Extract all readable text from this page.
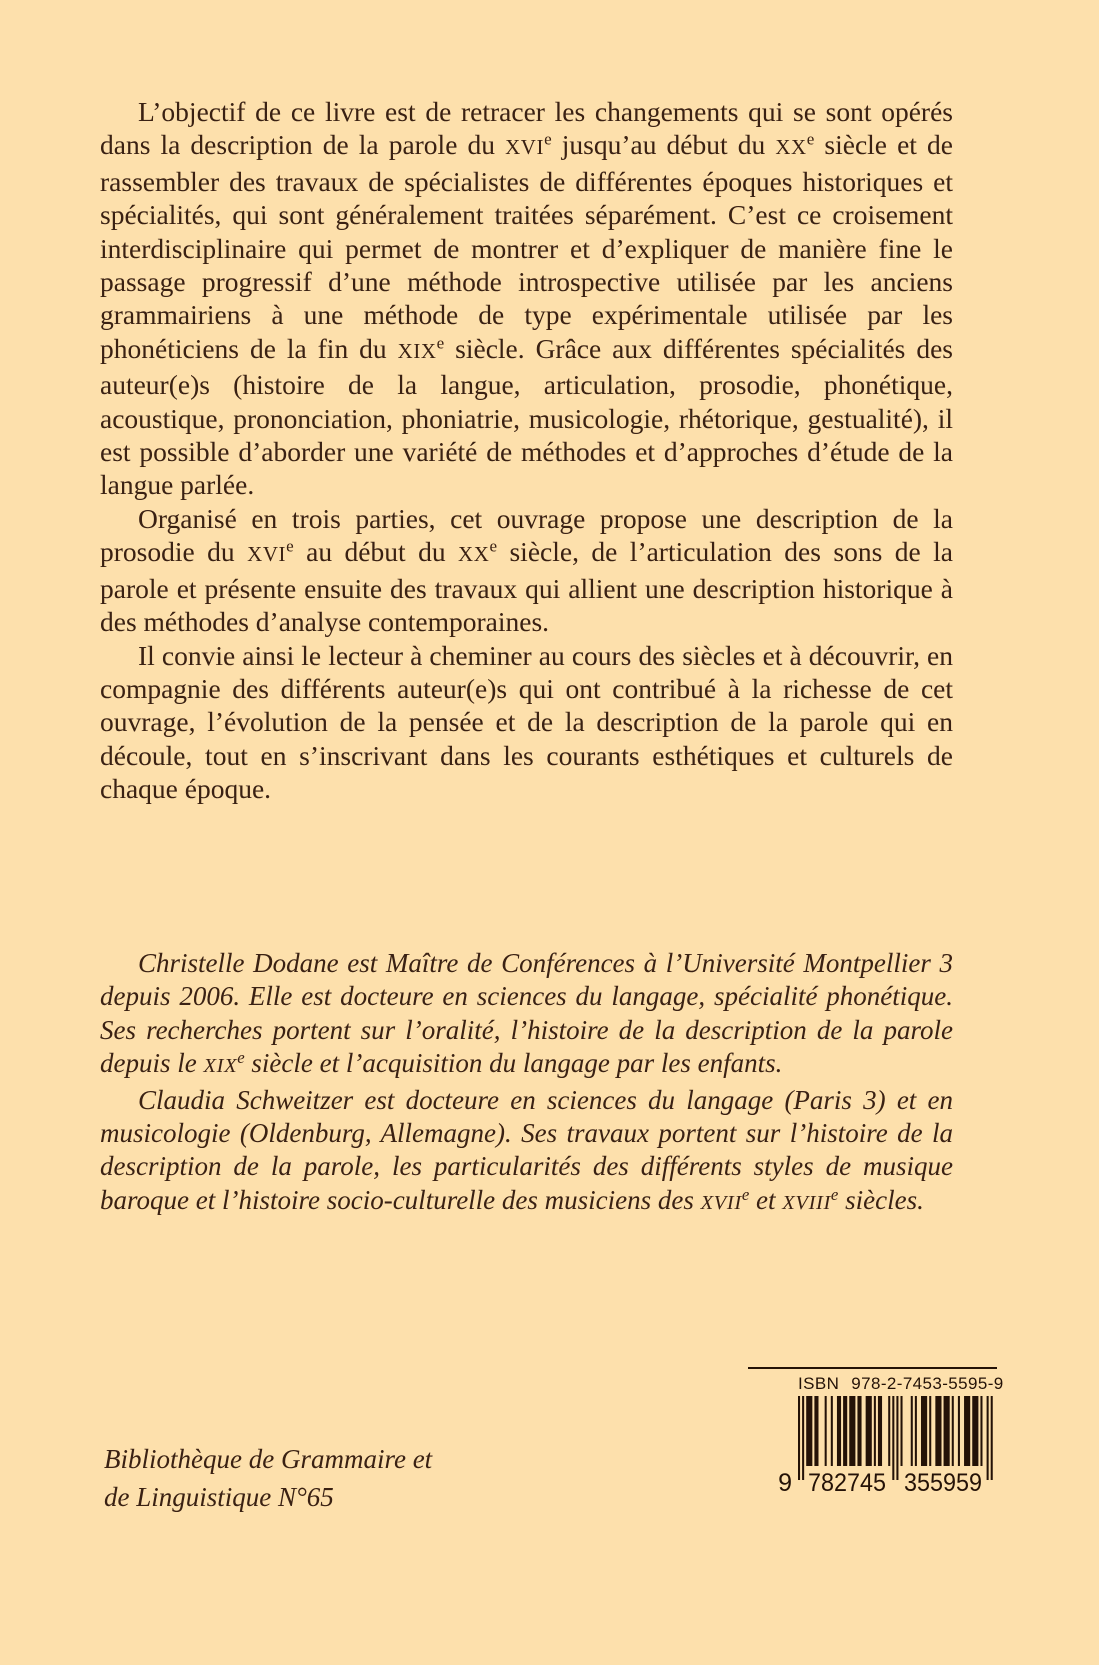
L’objectif de ce livre est de retracer les changements qui se sont opérés dans la description de la parole du XVIe jusqu’au début du XXe siècle et de rassembler des travaux de spécialistes de différentes époques historiques et spécialités, qui sont généralement traitées séparément. C’est ce croisement interdisciplinaire qui permet de montrer et d’expliquer de manière fine le passage progressif d’une méthode introspective utilisée par les anciens grammairiens à une méthode de type expérimentale utilisée par les phonéticiens de la fin du XIXe siècle. Grâce aux différentes spécialités des auteur(e)s (histoire de la langue, articulation, prosodie, phonétique, acoustique, prononciation, phoniatrie, musicologie, rhétorique, gestualité), il est possible d’aborder une variété de méthodes et d’approches d’étude de la langue parlée.

Organisé en trois parties, cet ouvrage propose une description de la prosodie du XVIe au début du XXe siècle, de l’articulation des sons de la parole et présente ensuite des travaux qui allient une description historique à des méthodes d’analyse contemporaines.

Il convie ainsi le lecteur à cheminer au cours des siècles et à découvrir, en compagnie des différents auteur(e)s qui ont contribué à la richesse de cet ouvrage, l’évolution de la pensée et de la description de la parole qui en découle, tout en s’inscrivant dans les courants esthétiques et culturels de chaque époque.

Christelle Dodane est Maître de Conférences à l’Université Montpellier 3 depuis 2006. Elle est docteure en sciences du langage, spécialité phonétique. Ses recherches portent sur l’oralité, l’histoire de la description de la parole depuis le XIXe siècle et l’acquisition du langage par les enfants.

Claudia Schweitzer est docteure en sciences du langage (Paris 3) et en musicologie (Oldenburg, Allemagne). Ses travaux portent sur l’histoire de la description de la parole, les particularités des différents styles de musique baroque et l’histoire socio-culturelle des musiciens des XVIIe et XVIIIe siècles.

Bibliothèque de Grammaire et
de Linguistique N°65
ISBN 978-2-7453-5595-9
9 782745 355959
